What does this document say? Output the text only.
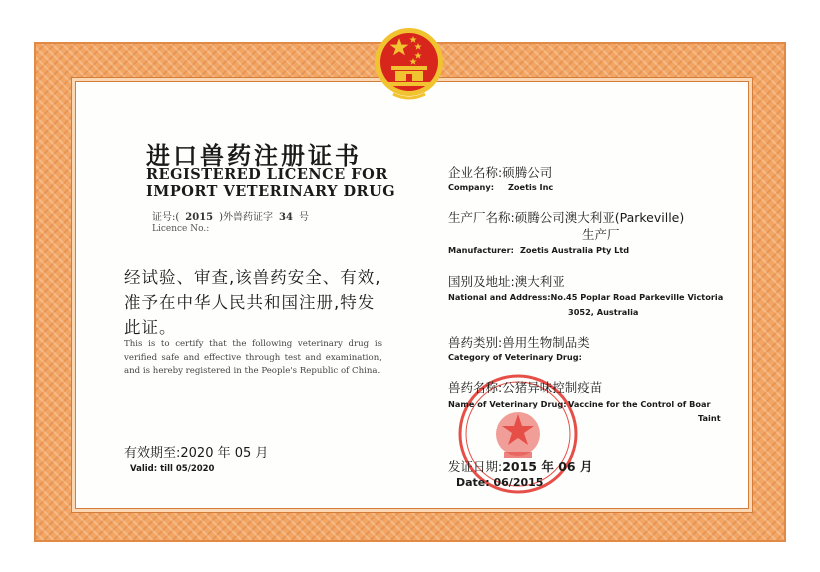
进口兽药注册证书
REGISTERED LICENCE FOR
IMPORT VETERINARY DRUG
证号:( 2015 )外兽药证字 34 号
Licence No.:
经试验、审查,该兽药安全、有效,准予在中华人民共和国注册,特发此证。
This is to certify that the following veterinary drug is verified safe and effective through test and examination, and is hereby registered in the People's Republic of China.
有效期至:2020 年 05 月
Valid: till 05/2020
企业名称:硕腾公司
Company: Zoetis Inc
生产厂名称:硕腾公司澳大利亚(Parkeville)
生产厂
Manufacturer: Zoetis Australia Pty Ltd
国别及地址:澳大利亚
National and Address:No.45 Poplar Road Parkeville Victoria
3052, Australia
兽药类别:兽用生物制品类
Category of Veterinary Drug:
兽药名称:公猪异味控制疫苗
Name of Veterinary Drug: Vaccine for the Control of Boar
Taint
发证日期:2015 年 06 月
Date: 06/2015
